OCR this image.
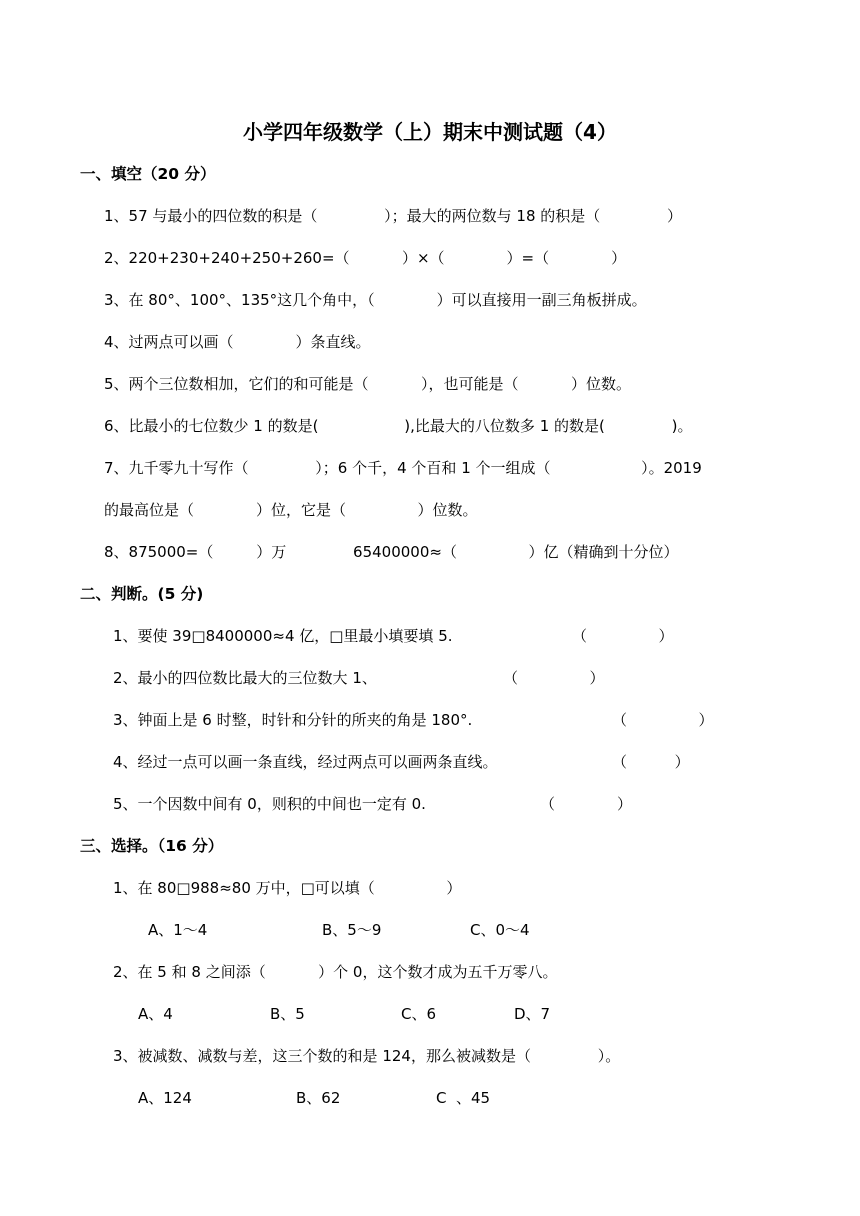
小学四年级数学（上）期末中测试题（4）
一、填空（20 分）
1、57 与最小的四位数的积是（              ）；最大的两位数与 18 的积是（              ）
2、220+230+240+250+260=（           ）×（             ）=（             ）
3、在 80°、100°、135°这几个角中，（             ）可以直接用一副三角板拼成。
4、过两点可以画（             ）条直线。
5、两个三位数相加，它们的和可能是（           ），也可能是（           ）位数。
6、比最小的七位数少 1 的数是(                  ),比最大的八位数多 1 的数是(              )。
7、九千零九十写作（              ）；6 个千，4 个百和 1 个一组成（                   ）。2019
的最高位是（             ）位，它是（               ）位数。
8、875000=（         ）万              65400000≈（               ）亿（精确到十分位）
二、判断。(5 分)
1、要使 39□8400000≈4 亿，□里最小填要填 5.	（               ）
2、最小的四位数比最大的三位数大 1、	（               ）
3、钟面上是 6 时整，时针和分针的所夹的角是 180°.	（               ）
4、经过一点可以画一条直线，经过两点可以画两条直线。	（          ）
5、一个因数中间有 0，则积的中间也一定有 0.	（             ）
三、选择。（16 分）
1、在 80□988≈80 万中，□可以填（               ）
A、1～4	B、5～9	C、0～4
2、在 5 和 8 之间添（           ）个 0，这个数才成为五千万零八。
A、4	B、5	C、6	D、7
3、被减数、减数与差，这三个数的和是 124，那么被减数是（              ）。
A、124	B、62	C  、45
